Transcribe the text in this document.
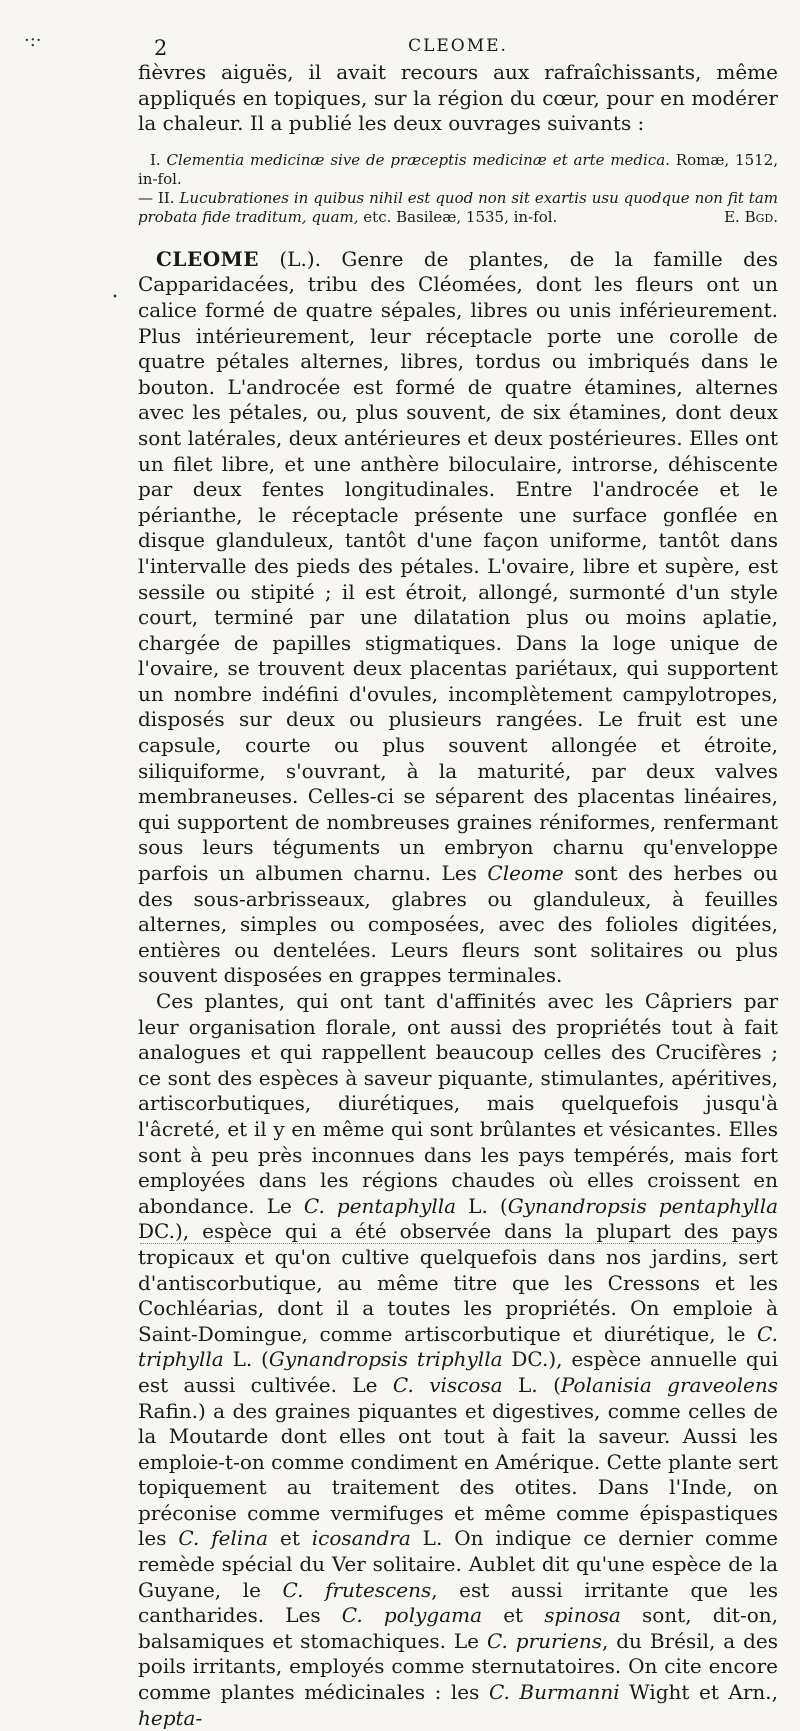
·:·
•
2	CLEOME.

fièvres aiguës, il avait recours aux rafraîchissants, même appliqués en topiques, sur la région du cœur, pour en modérer la chaleur. Il a publié les deux ouvrages suivants :

I. Clementia medicinæ sive de præceptis medicinæ et arte medica. Romæ, 1512, in-fol.

— II. Lucubrationes in quibus nihil est quod non sit exartis usu quodque non fit tam probata fide traditum, quam, etc. Basileæ, 1535, in-fol.	E. Bgd.

CLEOME (L.). Genre de plantes, de la famille des Capparidacées, tribu des Cléomées, dont les fleurs ont un calice formé de quatre sépales, libres ou unis inférieurement. Plus intérieurement, leur réceptacle porte une corolle de quatre pétales alternes, libres, tordus ou imbriqués dans le bouton. L'androcée est formé de quatre étamines, alternes avec les pétales, ou, plus souvent, de six étamines, dont deux sont latérales, deux antérieures et deux postérieures. Elles ont un filet libre, et une anthère biloculaire, introrse, déhiscente par deux fentes longitudinales. Entre l'androcée et le périanthe, le réceptacle présente une surface gonflée en disque glanduleux, tantôt d'une façon uniforme, tantôt dans l'intervalle des pieds des pétales. L'ovaire, libre et supère, est sessile ou stipité ; il est étroit, allongé, surmonté d'un style court, terminé par une dilatation plus ou moins aplatie, chargée de papilles stigmatiques. Dans la loge unique de l'ovaire, se trouvent deux placentas pariétaux, qui supportent un nombre indéfini d'ovules, incomplètement campylotropes, disposés sur deux ou plusieurs rangées. Le fruit est une capsule, courte ou plus souvent allongée et étroite, siliquiforme, s'ouvrant, à la maturité, par deux valves membraneuses. Celles-ci se séparent des placentas linéaires, qui supportent de nombreuses graines réniformes, renfermant sous leurs téguments un embryon charnu qu'enveloppe parfois un albumen charnu. Les Cleome sont des herbes ou des sous-arbrisseaux, glabres ou glanduleux, à feuilles alternes, simples ou composées, avec des folioles digitées, entières ou dentelées. Leurs fleurs sont solitaires ou plus souvent disposées en grappes terminales.

Ces plantes, qui ont tant d'affinités avec les Câpriers par leur organisation florale, ont aussi des propriétés tout à fait analogues et qui rappellent beaucoup celles des Crucifères ; ce sont des espèces à saveur piquante, stimulantes, apéritives, artiscorbutiques, diurétiques, mais quelquefois jusqu'à l'âcreté, et il y en même qui sont brûlantes et vésicantes. Elles sont à peu près inconnues dans les pays tempérés, mais fort employées dans les régions chaudes où elles croissent en abondance. Le C. pentaphylla L. (Gynandropsis pentaphylla DC.), espèce qui a été observée dans la plupart des pays tropicaux et qu'on cultive quelquefois dans nos jardins, sert d'antiscorbutique, au même titre que les Cressons et les Cochléarias, dont il a toutes les propriétés. On emploie à Saint-Domingue, comme artiscorbutique et diurétique, le C. triphylla L. (Gynandropsis triphylla DC.), espèce annuelle qui est aussi cultivée. Le C. viscosa L. (Polanisia graveolens Rafin.) a des graines piquantes et digestives, comme celles de la Moutarde dont elles ont tout à fait la saveur. Aussi les emploie-t-on comme condiment en Amérique. Cette plante sert topiquement au traitement des otites. Dans l'Inde, on préconise comme vermifuges et même comme épispastiques les C. felina et icosandra L. On indique ce dernier comme remède spécial du Ver solitaire. Aublet dit qu'une espèce de la Guyane, le C. frutescens, est aussi irritante que les cantharides. Les C. polygama et spinosa sont, dit-on, balsamiques et stomachiques. Le C. pruriens, du Brésil, a des poils irritants, employés comme sternutatoires. On cite encore comme plantes médicinales : les C. Burmanni Wight et Arn., hepta-
